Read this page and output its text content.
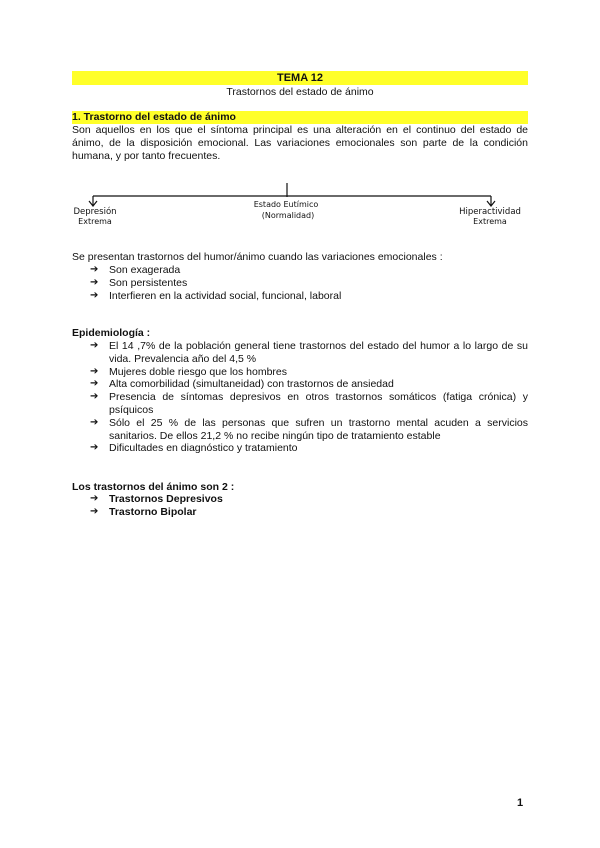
TEMA 12
Trastornos del estado de ánimo
1. Trastorno del estado de ánimo
Son aquellos en los que el síntoma principal es una alteración en el continuo del estado de ánimo, de la disposición emocional. Las variaciones emocionales son parte de la condición humana, y por tanto frecuentes.
Depresión
Extrema
Estado Eutímico
(Normalidad)	Hiperactividad
Extrema
Se presentan trastornos del humor/ánimo cuando las variaciones emocionales :
➔ Son exagerada
➔ Son persistentes
➔ Interfieren en la actividad social, funcional, laboral
Epidemiología :
➔ El 14 ,7% de la población general tiene trastornos del estado del humor a lo largo de su vida. Prevalencia año del 4,5 %
➔ Mujeres doble riesgo que los hombres
➔ Alta comorbilidad (simultaneidad) con trastornos de ansiedad
➔ Presencia de síntomas depresivos en otros trastornos somáticos (fatiga crónica) y psíquicos
➔ Sólo el 25 % de las personas que sufren un trastorno mental acuden a servicios sanitarios. De ellos 21,2 % no recibe ningún tipo de tratamiento estable
➔ Dificultades en diagnóstico y tratamiento
Los trastornos del ánimo son 2 :
➔ Trastornos Depresivos
➔ Trastorno Bipolar
1
